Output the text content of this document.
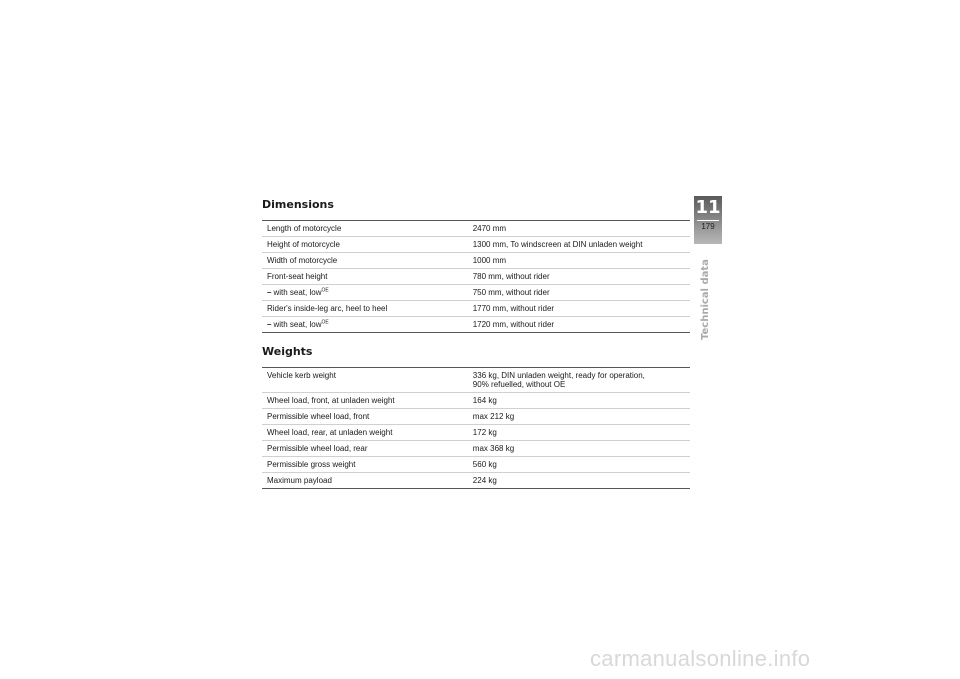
Dimensions
Length of motorcycle	2470 mm
Height of motorcycle	1300 mm, To windscreen at DIN unladen weight
Width of motorcycle	1000 mm
Front-seat height	780 mm, without rider
– with seat, low$^{OE}$	750 mm, without rider
Rider's inside-leg arc, heel to heel	1770 mm, without rider
– with seat, low$^{OE}$	1720 mm, without rider
Weights
Vehicle kerb weight	336 kg, DIN unladen weight, ready for operation,
90% refuelled, without OE

Wheel load, front, at unladen weight	164 kg
Permissible wheel load, front	max 212 kg
Wheel load, rear, at unladen weight	172 kg
Permissible wheel load, rear	max 368 kg
Permissible gross weight	560 kg
Maximum payload	224 kg
11
179
Technical data
carmanualsonline.info
